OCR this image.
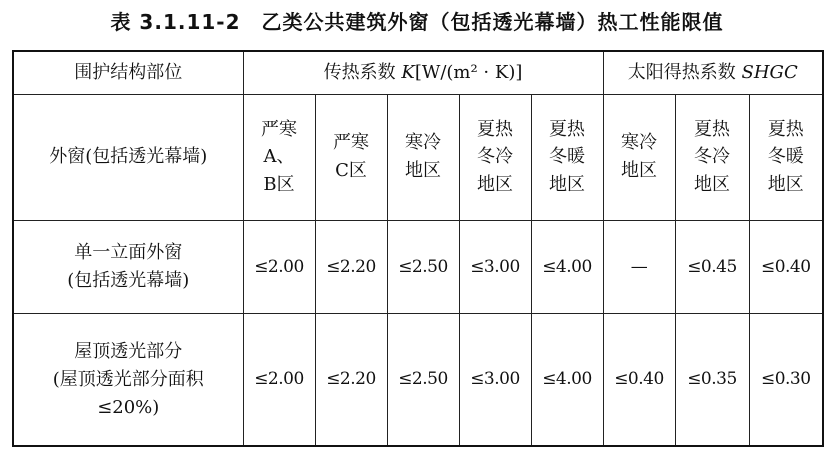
表 3.1.11-2　乙类公共建筑外窗（包括透光幕墙）热工性能限值
围护结构部位	传热系数 K[W/(m² · K)]					太阳得热系数 SHGC		
外窗(包括透光幕墙)	严寒
A、
B区	严寒
C区	寒冷
地区	夏热
冬冷
地区	夏热
冬暖
地区	寒冷
地区	夏热
冬冷
地区	夏热
冬暖
地区

单一立面外窗
(包括透光幕墙)	≤2.00	≤2.20	≤2.50	≤3.00	≤4.00	—	≤0.45	≤0.40

屋顶透光部分
(屋顶透光部分面积
≤20%)	≤2.00	≤2.20	≤2.50	≤3.00	≤4.00	≤0.40	≤0.35	≤0.30
